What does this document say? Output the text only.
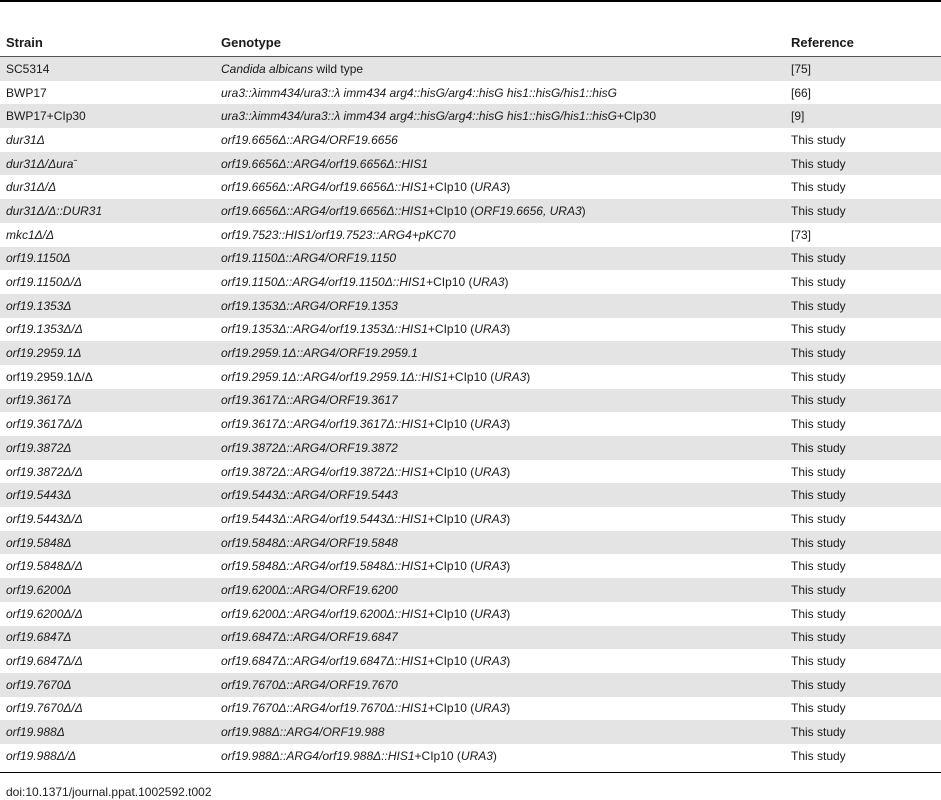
Strain	Genotype	Reference
SC5314	Candida albicans wild type	[75]
BWP17	ura3::λimm434/ura3::λ imm434 arg4::hisG/arg4::hisG his1::hisG/his1::hisG	[66]
BWP17+CIp30	ura3::λimm434/ura3::λ imm434 arg4::hisG/arg4::hisG his1::hisG/his1::hisG+CIp30	[9]
dur31Δ	orf19.6656Δ::ARG4/ORF19.6656	This study
dur31Δ/Δuraˉ	orf19.6656Δ::ARG4/orf19.6656Δ::HIS1	This study
dur31Δ/Δ	orf19.6656Δ::ARG4/orf19.6656Δ::HIS1+CIp10 (URA3)	This study
dur31Δ/Δ::DUR31	orf19.6656Δ::ARG4/orf19.6656Δ::HIS1+CIp10 (ORF19.6656, URA3)	This study
mkc1Δ/Δ	orf19.7523::HIS1/orf19.7523::ARG4+pKC70	[73]
orf19.1150Δ	orf19.1150Δ::ARG4/ORF19.1150	This study
orf19.1150Δ/Δ	orf19.1150Δ::ARG4/orf19.1150Δ::HIS1+CIp10 (URA3)	This study
orf19.1353Δ	orf19.1353Δ::ARG4/ORF19.1353	This study
orf19.1353Δ/Δ	orf19.1353Δ::ARG4/orf19.1353Δ::HIS1+CIp10 (URA3)	This study
orf19.2959.1Δ	orf19.2959.1Δ::ARG4/ORF19.2959.1	This study
orf19.2959.1Δ/Δ	orf19.2959.1Δ::ARG4/orf19.2959.1Δ::HIS1+CIp10 (URA3)	This study
orf19.3617Δ	orf19.3617Δ::ARG4/ORF19.3617	This study
orf19.3617Δ/Δ	orf19.3617Δ::ARG4/orf19.3617Δ::HIS1+CIp10 (URA3)	This study
orf19.3872Δ	orf19.3872Δ::ARG4/ORF19.3872	This study
orf19.3872Δ/Δ	orf19.3872Δ::ARG4/orf19.3872Δ::HIS1+CIp10 (URA3)	This study
orf19.5443Δ	orf19.5443Δ::ARG4/ORF19.5443	This study
orf19.5443Δ/Δ	orf19.5443Δ::ARG4/orf19.5443Δ::HIS1+CIp10 (URA3)	This study
orf19.5848Δ	orf19.5848Δ::ARG4/ORF19.5848	This study
orf19.5848Δ/Δ	orf19.5848Δ::ARG4/orf19.5848Δ::HIS1+CIp10 (URA3)	This study
orf19.6200Δ	orf19.6200Δ::ARG4/ORF19.6200	This study
orf19.6200Δ/Δ	orf19.6200Δ::ARG4/orf19.6200Δ::HIS1+CIp10 (URA3)	This study
orf19.6847Δ	orf19.6847Δ::ARG4/ORF19.6847	This study
orf19.6847Δ/Δ	orf19.6847Δ::ARG4/orf19.6847Δ::HIS1+CIp10 (URA3)	This study
orf19.7670Δ	orf19.7670Δ::ARG4/ORF19.7670	This study
orf19.7670Δ/Δ	orf19.7670Δ::ARG4/orf19.7670Δ::HIS1+CIp10 (URA3)	This study
orf19.988Δ	orf19.988Δ::ARG4/ORF19.988	This study
orf19.988Δ/Δ	orf19.988Δ::ARG4/orf19.988Δ::HIS1+CIp10 (URA3)	This study
doi:10.1371/journal.ppat.1002592.t002
